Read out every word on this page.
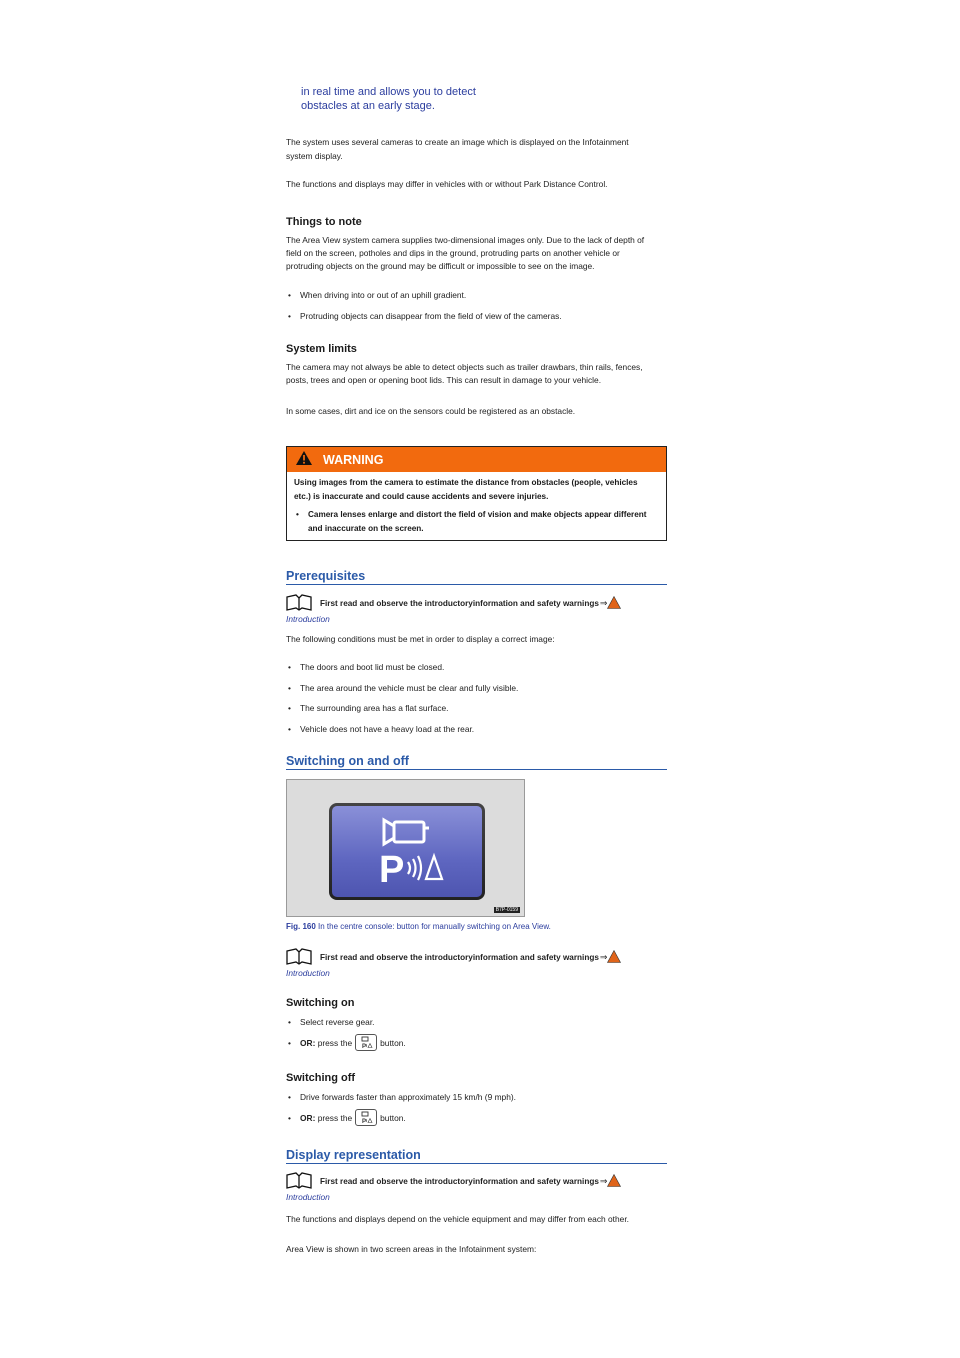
in real time and allows you to detect
obstacles at an early stage.
The system uses several cameras to create an image which is displayed on the Infotainment
system display.
The functions and displays may differ in vehicles with or without Park Distance Control.
Things to note
The Area View system camera supplies two-dimensional images only. Due to the lack of depth of
field on the screen, potholes and dips in the ground, protruding parts on another vehicle or
protruding objects on the ground may be difficult or impossible to see on the image.
• When driving into or out of an uphill gradient.
• Protruding objects can disappear from the field of view of the cameras.
System limits
The camera may not always be able to detect objects such as trailer drawbars, thin rails, fences,
posts, trees and open or opening boot lids. This can result in damage to your vehicle.
In some cases, dirt and ice on the sensors could be registered as an obstacle.
WARNING
Using images from the camera to estimate the distance from obstacles (people, vehicles
etc.) is inaccurate and could cause accidents and severe injuries.
• Camera lenses enlarge and distort the field of vision and make objects appear different
and inaccurate on the screen.
Prerequisites
First read and observe the introductoryinformation and safety warnings ⇒
Introduction
The following conditions must be met in order to display a correct image:
• The doors and boot lid must be closed.
• The area around the vehicle must be clear and fully visible.
• The surrounding area has a flat surface.
• Vehicle does not have a heavy load at the rear.
Switching on and off
P
B7P-0159
Fig. 160 In the centre console: button for manually switching on Area View.
First read and observe the introductoryinformation and safety warnings ⇒
Introduction
Switching on
• Select reverse gear.
• OR:
press the P button.
Switching off
• Drive forwards faster than approximately 15 km/h (9 mph).
• OR:
press the P button.
Display representation
First read and observe the introductoryinformation and safety warnings ⇒
Introduction
The functions and displays depend on the vehicle equipment and may differ from each other.
Area View is shown in two screen areas in the Infotainment system:
